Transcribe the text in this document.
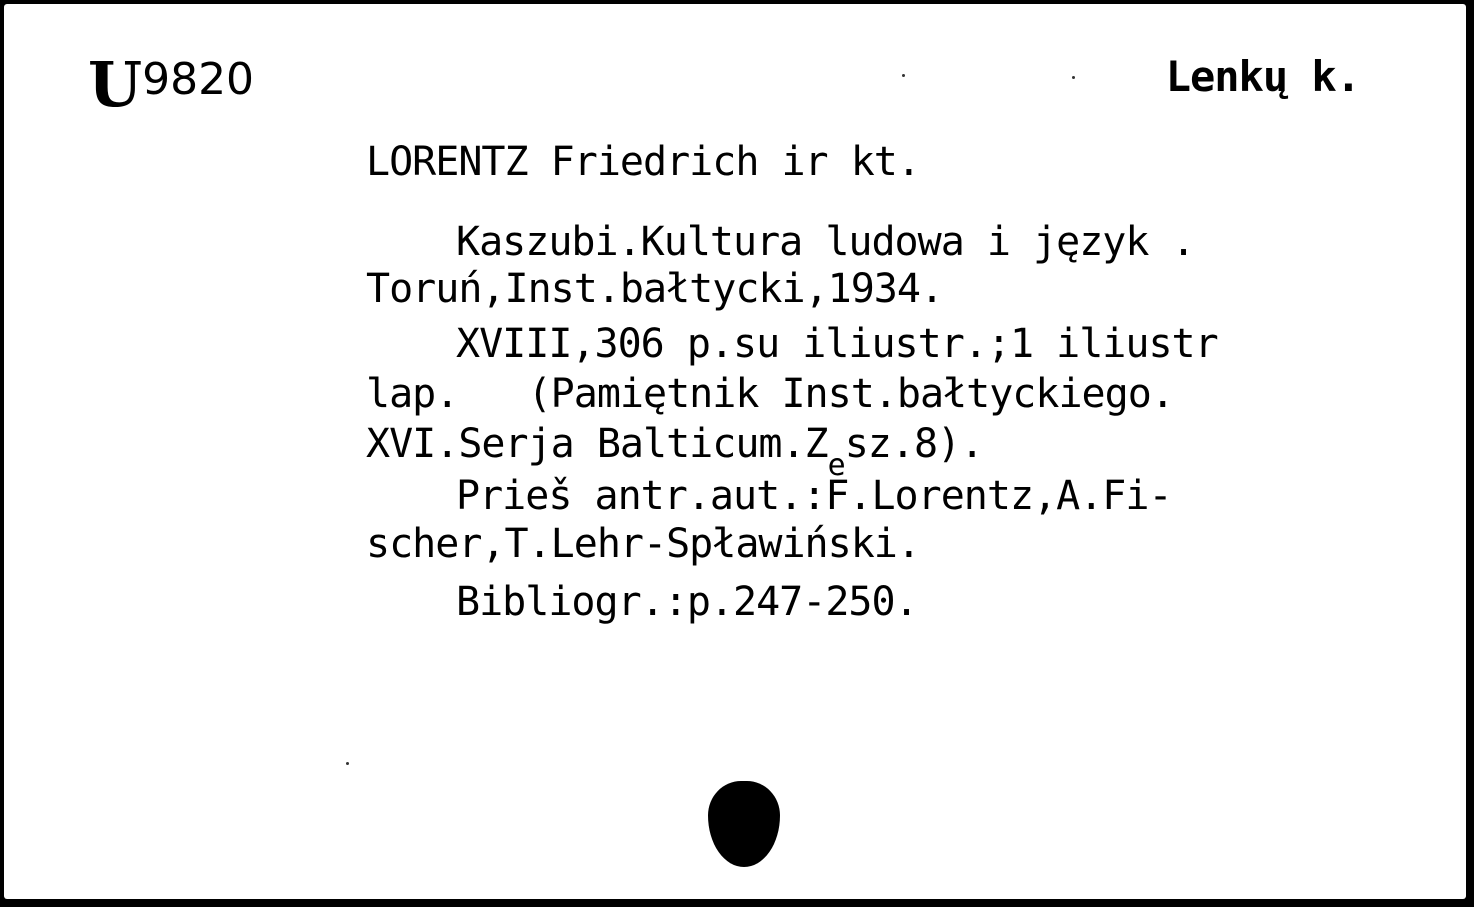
U 9820	Lenkų k.
LORENTZ Friedrich ir kt.
Kaszubi.Kultura ludowa i język .
Toruń,Inst.bałtycki,1934.
XVIII,306 p.su iliustr.;1 iliustr
lap.   (Pamiętnik Inst.bałtyckiego.
XVI.Serja $Balticum.Z_esz.8$).
Prieš antr.aut.:F.Lorentz,A.Fi-
scher,T.Lehr-Spławiński.
Bibliogr.:p.247-250.
